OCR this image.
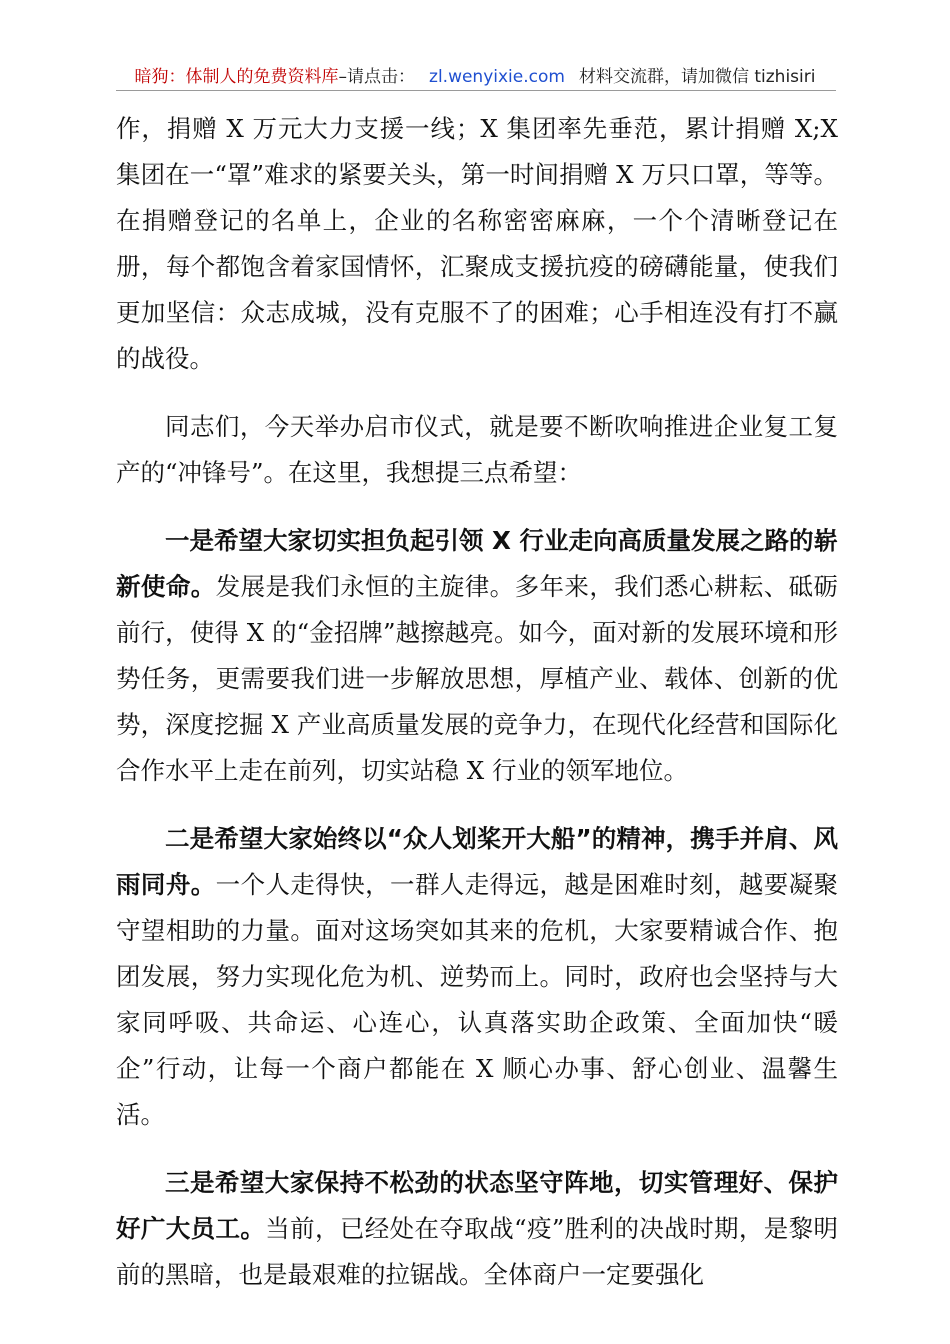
暗狗：体制人的免费资料库–请点击： zl.wenyixie.com 材料交流群，请加微信 tizhisiri

作，捐赠 X 万元大力支援一线；X 集团率先垂范，累计捐赠 X;X 集团在一“罩”难求的紧要关头，第一时间捐赠 X 万只口罩，等等。在捐赠登记的名单上，企业的名称密密麻麻，一个个清晰登记在册，每个都饱含着家国情怀，汇聚成支援抗疫的磅礴能量，使我们更加坚信：众志成城，没有克服不了的困难；心手相连没有打不赢的战役。

同志们，今天举办启市仪式，就是要不断吹响推进企业复工复产的“冲锋号”。在这里，我想提三点希望：

一是希望大家切实担负起引领 X 行业走向高质量发展之路的崭新使命。发展是我们永恒的主旋律。多年来，我们悉心耕耘、砥砺前行，使得 X 的“金招牌”越擦越亮。如今，面对新的发展环境和形势任务，更需要我们进一步解放思想，厚植产业、载体、创新的优势，深度挖掘 X 产业高质量发展的竞争力，在现代化经营和国际化合作水平上走在前列，切实站稳 X 行业的领军地位。

二是希望大家始终以“众人划桨开大船”的精神，携手并肩、风雨同舟。一个人走得快，一群人走得远，越是困难时刻，越要凝聚守望相助的力量。面对这场突如其来的危机，大家要精诚合作、抱团发展，努力实现化危为机、逆势而上。同时，政府也会坚持与大家同呼吸、共命运、心连心，认真落实助企政策、全面加快“暖企”行动，让每一个商户都能在 X 顺心办事、舒心创业、温馨生活。

三是希望大家保持不松劲的状态坚守阵地，切实管理好、保护好广大员工。当前，已经处在夺取战“疫”胜利的决战时期，是黎明前的黑暗，也是最艰难的拉锯战。全体商户一定要强化
